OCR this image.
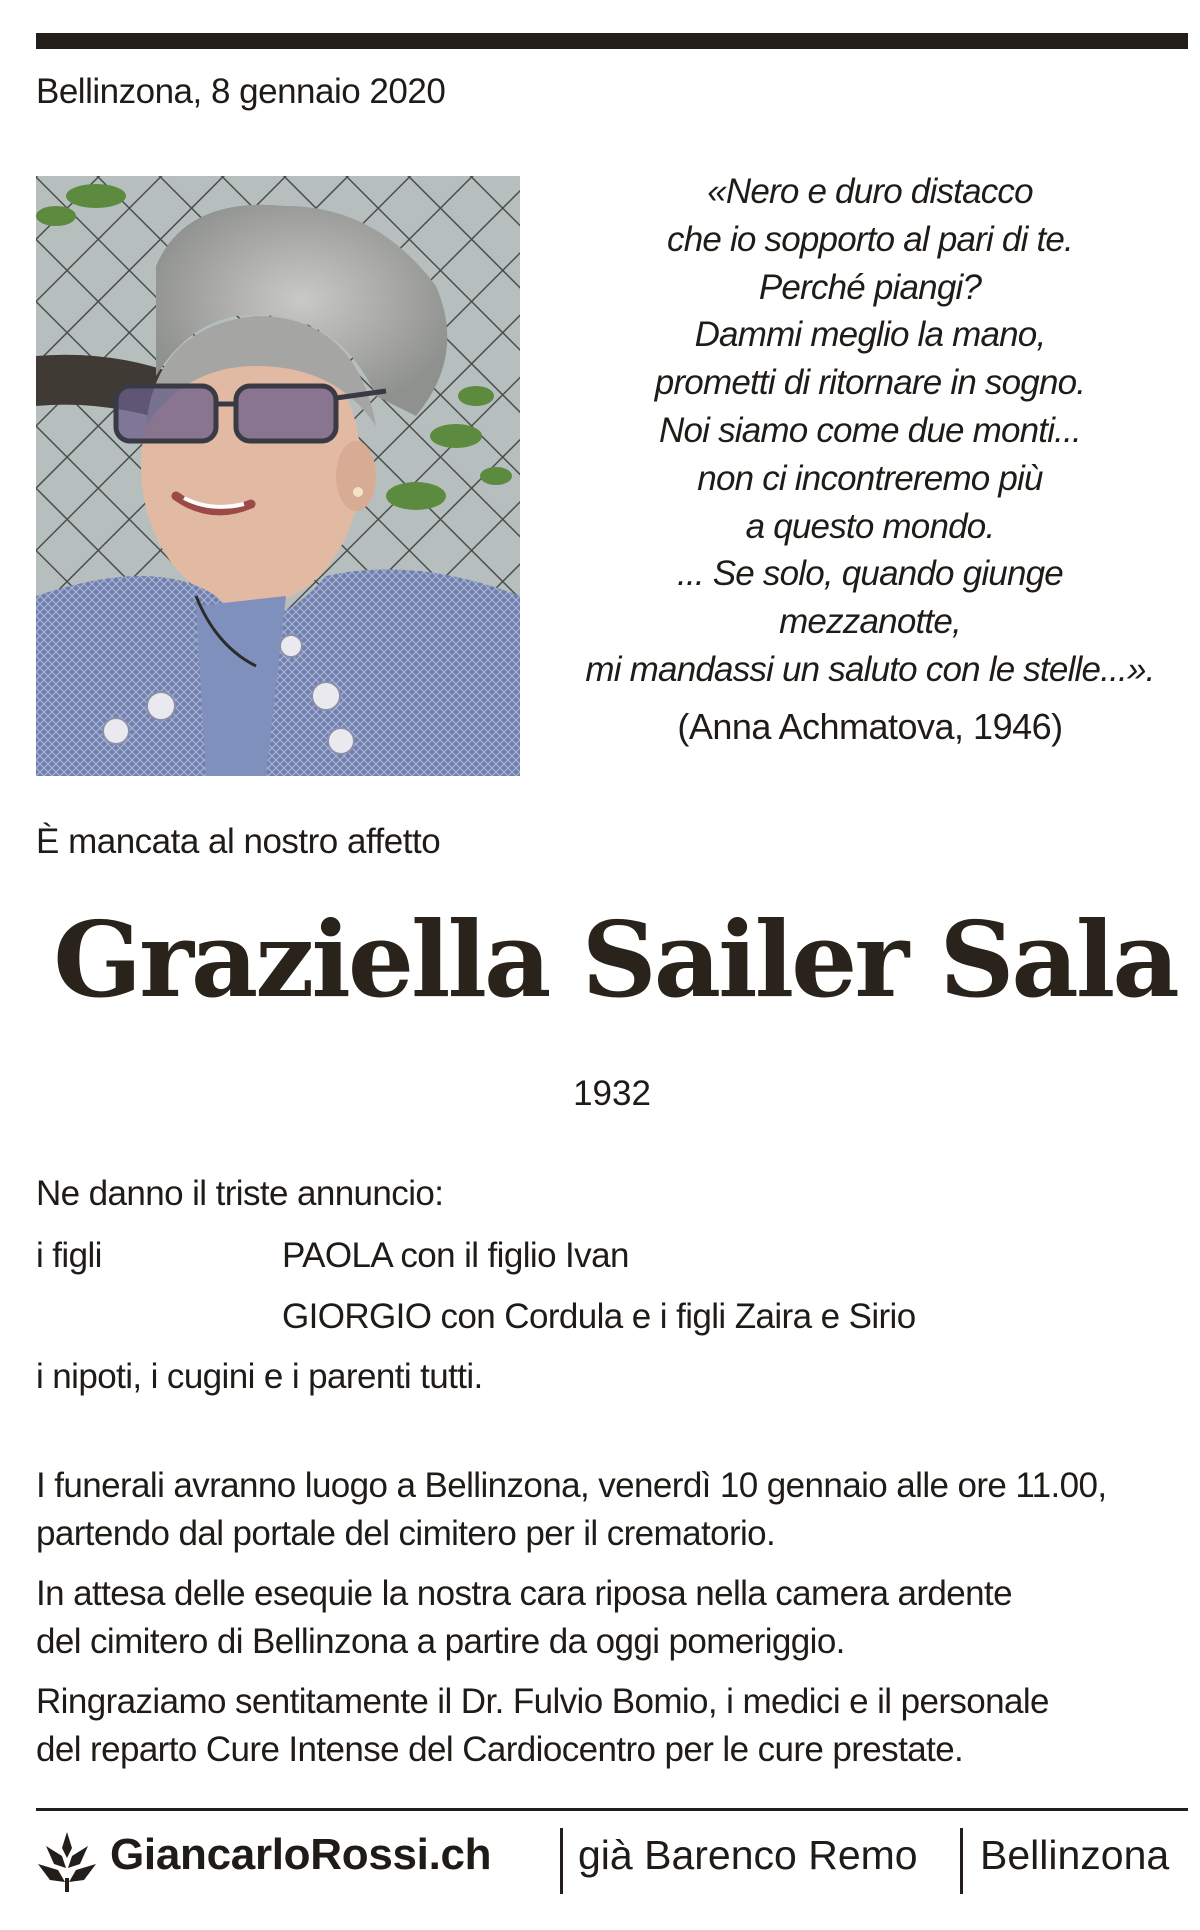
Bellinzona, 8 gennaio 2020
«Nero e duro distacco
che io sopporto al pari di te.
Perché piangi?
Dammi meglio la mano,
prometti di ritornare in sogno.
Noi siamo come due monti...
non ci incontreremo più
a questo mondo.
... Se solo, quando giunge
mezzanotte,
mi mandassi un saluto con le stelle...».
(Anna Achmatova, 1946)
È mancata al nostro affetto
Graziella Sailer Sala
1932
Ne danno il triste annuncio:
i figli	PAOLA con il figlio Ivan
GIORGIO con Cordula e i figli Zaira e Sirio
i nipoti, i cugini e i parenti tutti.
I funerali avranno luogo a Bellinzona, venerdì 10 gennaio alle ore 11.00,
partendo dal portale del cimitero per il crematorio.
In attesa delle esequie la nostra cara riposa nella camera ardente
del cimitero di Bellinzona a partire da oggi pomeriggio.
Ringraziamo sentitamente il Dr. Fulvio Bomio, i medici e il personale
del reparto Cure Intense del Cardiocentro per le cure prestate.
GiancarloRossi.ch già Barenco Remo Bellinzona
